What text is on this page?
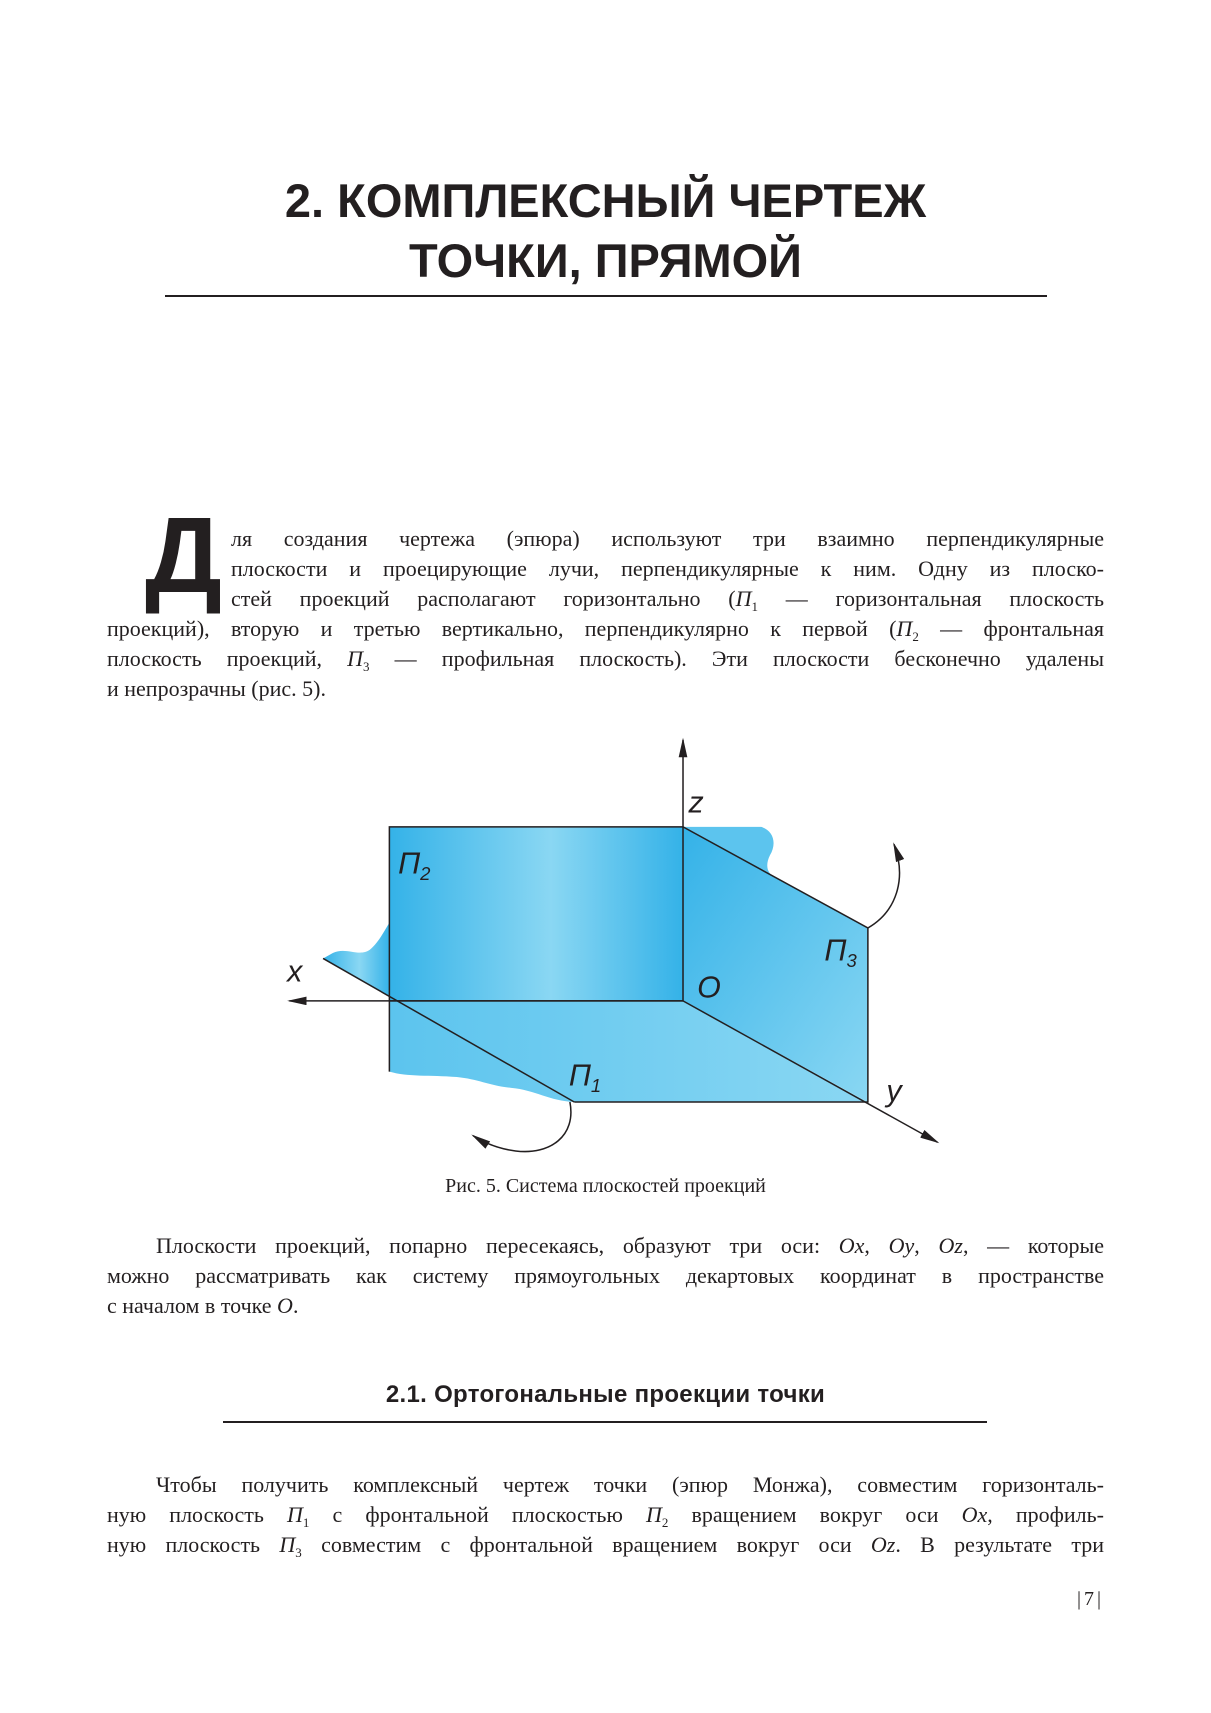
2. КОМПЛЕКСНЫЙ ЧЕРТЕЖ
ТОЧКИ, ПРЯМОЙ
Д ля создания чертежа (эпюра) используют три взаимно перпендикулярные
плоскости и проецирующие лучи, перпендикулярные к ним. Одну из плоско-
стей проекций располагают горизонтально ($П_1$ — горизонтальная плоскость
проекций), вторую и третью вертикально, перпендикулярно к первой ($П_2$ — фронтальная
плоскость проекций, $П_3$ — профильная плоскость). Эти плоскости бесконечно удалены
и непрозрачны (рис. 5).
z
x
y
O
$П_2$
$П_3$
$П_1$
Рис. 5. Система плоскостей проекций
Плоскости проекций, попарно пересекаясь, образуют три оси: Ox, Oy, Oz, — которые
можно рассматривать как систему прямоугольных декартовых координат в пространстве
с началом в точке O.
2.1. Ортогональные проекции точки
Чтобы получить комплексный чертеж точки (эпюр Монжа), совместим горизонталь-
ную плоскость $П_1$ с фронтальной плоскостью $П_2$ вращением вокруг оси Ox, профиль-
ную плоскость $П_3$ совместим с фронтальной вращением вокруг оси Oz. В результате три
|7|
